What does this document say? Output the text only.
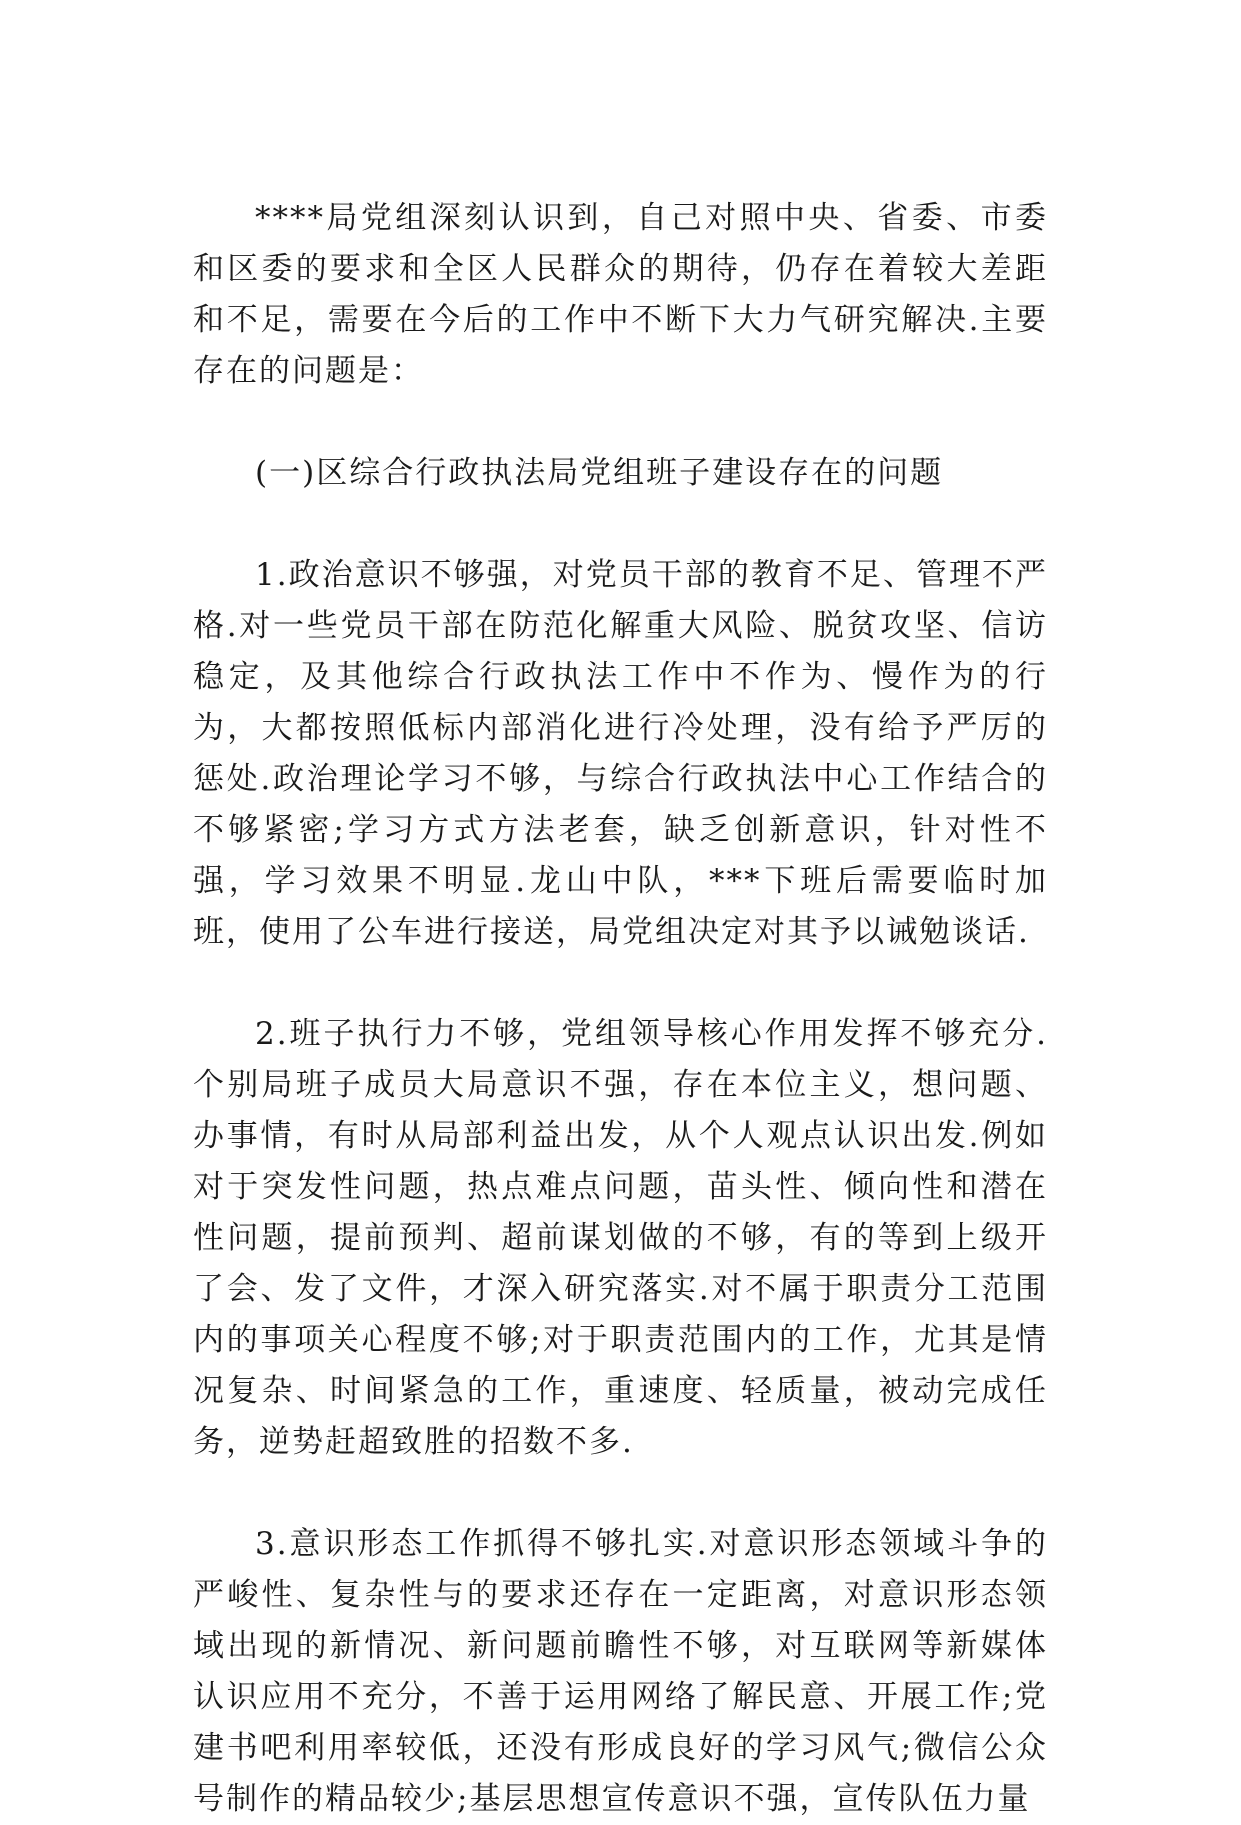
****局党组深刻认识到，自己对照中央、省委、市委和区委的要求和全区人民群众的期待，仍存在着较大差距和不足，需要在今后的工作中不断下大力气研究解决.主要存在的问题是：

(一)区综合行政执法局党组班子建设存在的问题

1.政治意识不够强，对党员干部的教育不足、管理不严格.对一些党员干部在防范化解重大风险、脱贫攻坚、信访稳定，及其他综合行政执法工作中不作为、慢作为的行为，大都按照低标内部消化进行冷处理，没有给予严厉的惩处.政治理论学习不够，与综合行政执法中心工作结合的不够紧密;学习方式方法老套，缺乏创新意识，针对性不强，学习效果不明显.龙山中队，***下班后需要临时加班，使用了公车进行接送，局党组决定对其予以诫勉谈话.

2.班子执行力不够，党组领导核心作用发挥不够充分.个别局班子成员大局意识不强，存在本位主义，想问题、办事情，有时从局部利益出发，从个人观点认识出发.例如对于突发性问题，热点难点问题，苗头性、倾向性和潜在性问题，提前预判、超前谋划做的不够，有的等到上级开了会、发了文件，才深入研究落实.对不属于职责分工范围内的事项关心程度不够;对于职责范围内的工作，尤其是情况复杂、时间紧急的工作，重速度、轻质量，被动完成任务，逆势赶超致胜的招数不多.

3.意识形态工作抓得不够扎实.对意识形态领域斗争的严峻性、复杂性与的要求还存在一定距离，对意识形态领域出现的新情况、新问题前瞻性不够，对互联网等新媒体认识应用不充分，不善于运用网络了解民意、开展工作;党建书吧利用率较低，还没有形成良好的学习风气;微信公众号制作的精品较少;基层思想宣传意识不强，宣传队伍力量
